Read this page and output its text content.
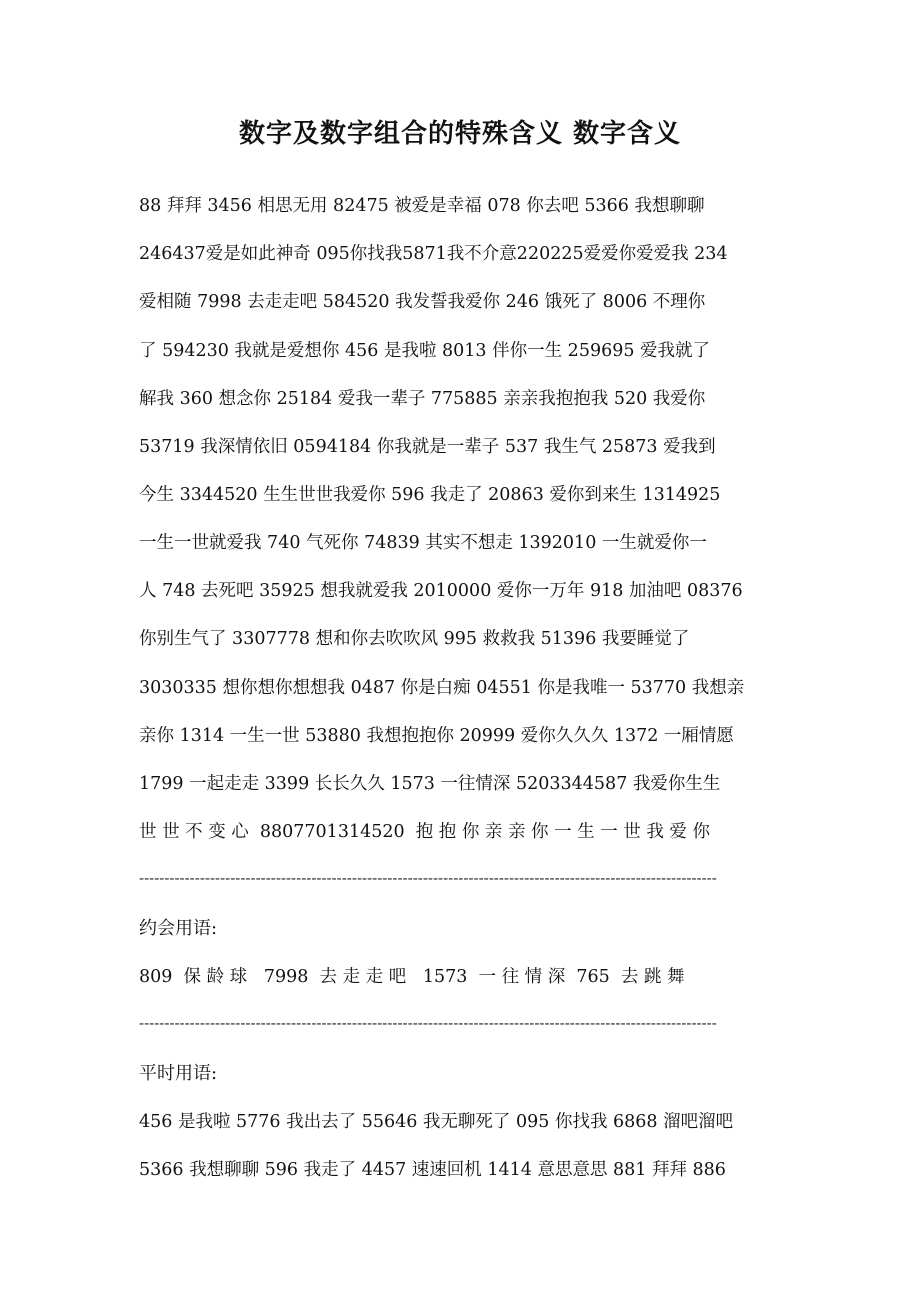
数字及数字组合的特殊含义 数字含义
88 拜拜 3456 相思无用 82475 被爱是幸福 078 你去吧 5366 我想聊聊
246437爱是如此神奇 095你找我5871我不介意220225爱爱你爱爱我 234
爱相随 7998 去走走吧 584520 我发誓我爱你 246 饿死了 8006 不理你
了 594230 我就是爱想你 456 是我啦 8013 伴你一生 259695 爱我就了
解我 360 想念你 25184 爱我一辈子 775885 亲亲我抱抱我 520 我爱你
53719 我深情依旧 0594184 你我就是一辈子 537 我生气 25873 爱我到
今生 3344520 生生世世我爱你 596 我走了 20863 爱你到来生 1314925
一生一世就爱我 740 气死你 74839 其实不想走 1392010 一生就爱你一
人 748 去死吧 35925 想我就爱我 2010000 爱你一万年 918 加油吧 08376
你别生气了 3307778 想和你去吹吹风 995 救救我 51396 我要睡觉了
3030335 想你想你想想我 0487 你是白痴 04551 你是我唯一 53770 我想亲
亲你 1314 一生一世 53880 我想抱抱你 20999 爱你久久久 1372 一厢情愿
1799 一起走走 3399 长长久久 1573 一往情深 5203344587 我爱你生生
世 世 不 变 心  8807701314520  抱 抱 你 亲 亲 你 一 生 一 世 我 爱 你
------------------------------------------------------------------------------------------------------------------
约会用语:
809  保 龄 球   7998  去 走 走 吧   1573  一 往 情 深  765  去 跳 舞
------------------------------------------------------------------------------------------------------------------
平时用语:
456 是我啦 5776 我出去了 55646 我无聊死了 095 你找我 6868 溜吧溜吧
5366 我想聊聊 596 我走了 4457 速速回机 1414 意思意思 881 拜拜 886
